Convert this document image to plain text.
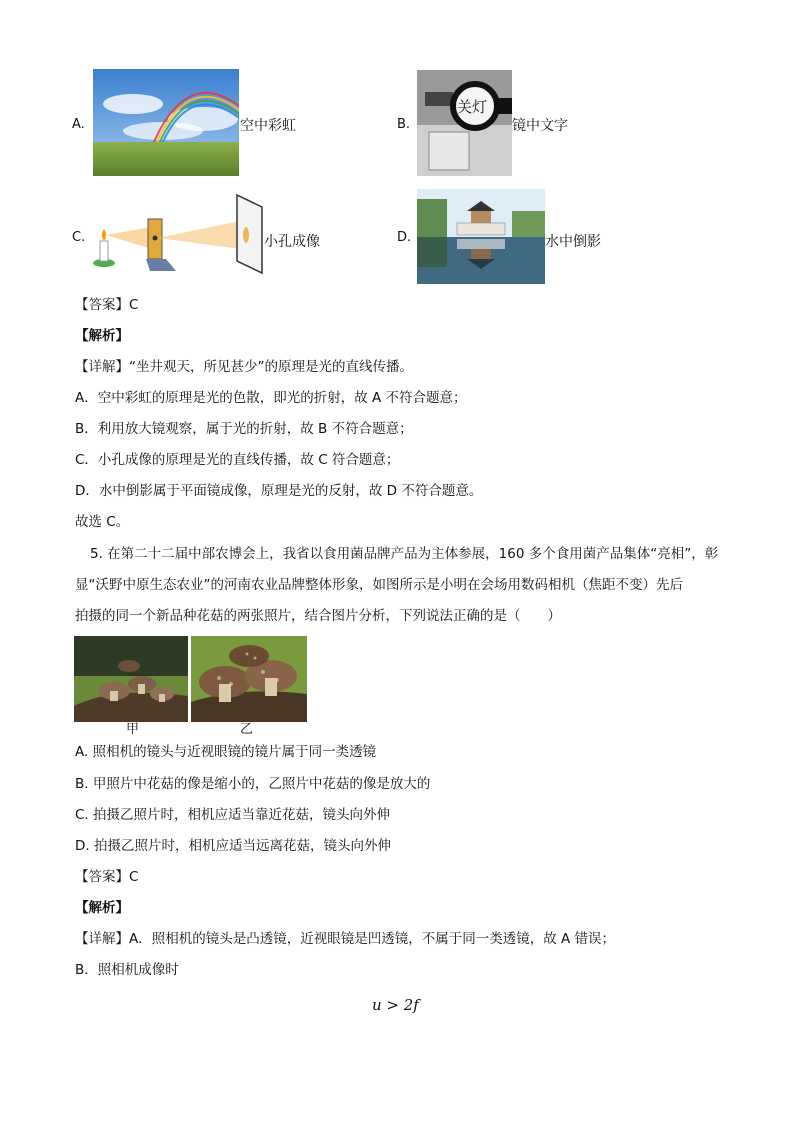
A.	空中彩虹	B.
关灯
镜中文字
C.	小孔成像	D.	水中倒影
【答案】C
【解析】
【详解】“坐井观天，所见甚少”的原理是光的直线传播。
A．空中彩虹的原理是光的色散，即光的折射，故 A 不符合题意；
B．利用放大镜观察，属于光的折射，故 B 不符合题意；
C．小孔成像的原理是光的直线传播，故 C 符合题意；
D．水中倒影属于平面镜成像，原理是光的反射，故 D 不符合题意。
故选 C。
5. 在第二十二届中部农博会上，我省以食用菌品牌产品为主体参展，160 多个食用菌产品集体“亮相”，彰
显“沃野中原生态农业”的河南农业品牌整体形象，如图所示是小明在会场用数码相机（焦距不变）先后
拍摄的同一个新品种花菇的两张照片，结合图片分析，下列说法正确的是（　　）
甲	乙
A. 照相机的镜头与近视眼镜的镜片属于同一类透镜
B. 甲照片中花菇的像是缩小的，乙照片中花菇的像是放大的
C. 拍摄乙照片时，相机应适当靠近花菇，镜头向外伸
D. 拍摄乙照片时，相机应适当远离花菇，镜头向外伸
【答案】C
【解析】
【详解】A．照相机的镜头是凸透镜，近视眼镜是凹透镜，不属于同一类透镜，故 A 错误；
B．照相机成像时
u > 2f
